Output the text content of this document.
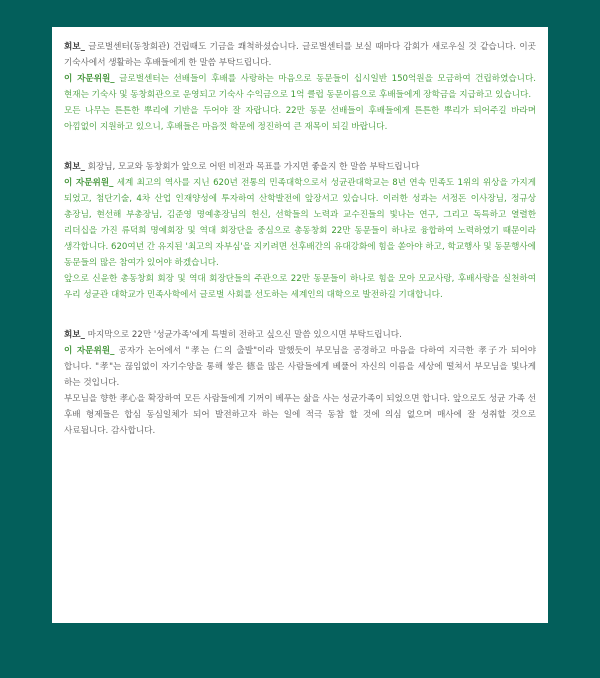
회보_ 글로벌센터(동창회관) 건립때도 기금을 쾌척하셨습니다. 글로벌센터를 보실 때마다 감회가 새로우실 것 같습니다. 이곳 기숙사에서 생활하는 후배들에게 한 말씀 부탁드립니다.

이 자문위원_ 글로벌센터는 선배들이 후배를 사랑하는 마음으로 동문들이 십시일반 150억원을 모금하여 건립하였습니다. 현재는 기숙사 및 동창회관으로 운영되고 기숙사 수익금으로 1억 클럽 동문이름으로 후배들에게 장학금을 지급하고 있습니다.

모든 나무는 튼튼한 뿌리에 기반을 두어야 잘 자랍니다. 22만 동문 선배들이 후배들에게 튼튼한 뿌리가 되어주길 바라며 아낌없이 지원하고 있으니, 후배들은 마음껏 학문에 정진하여 큰 재목이 되길 바랍니다.

회보_ 회장님, 모교와 동창회가 앞으로 어떤 비전과 목표를 가지면 좋을지 한 말씀 부탁드립니다

이 자문위원_ 세계 최고의 역사를 지닌 620년 전통의 민족대학으로서 성균관대학교는 8년 연속 민족도 1위의 위상을 가지게 되었고, 첨단기술, 4차 산업 인재양성에 투자하여 산학발전에 앞장서고 있습니다. 이러한 성과는 서정돈 이사장님, 정규상 총장님, 현선해 부총장님, 김준영 명예총장님의 헌신, 선학들의 노력과 교수진들의 빛나는 연구, 그리고 독특하고 열렬한 리더십을 가진 류덕희 명예회장 및 역대 회장단을 중심으로 총동창회 22만 동문들이 하나로 융합하여 노력하였기 때문이라 생각합니다. 620여년 간 유지된 '최고의 자부심'을 지키려면 선후배간의 유대강화에 힘을 쏟아야 하고, 학교행사 및 동문행사에 동문들의 많은 참여가 있어야 하겠습니다.

앞으로 신윤한 총동창회 회장 및 역대 회장단들의 주관으로 22만 동문들이 하나로 힘을 모아 모교사랑, 후배사랑을 실천하여 우리 성균관 대학교가 민족사학에서 글로벌 사회를 선도하는 세계인의 대학으로 발전하길 기대합니다.

회보_ 마지막으로 22만 '성균가족'에게 특별히 전하고 싶으신 말씀 있으시면 부탁드립니다.

이 자문위원_ 공자가 논어에서 "孝는 仁의 출발"이라 말했듯이 부모님을 공경하고 마음을 다하여 지극한 孝子가 되어야 합니다. "孝"는 끊임없이 자기수양을 통해 쌓은 德을 많은 사람들에게 베풀어 자신의 이름을 세상에 떨쳐서 부모님을 빛나게 하는 것입니다.

부모님을 향한 孝心을 확장하여 모든 사람들에게 기꺼이 베푸는 삶을 사는 성균가족이 되었으면 합니다. 앞으로도 성균 가족 선 후배 형제들은 합심 동심일체가 되어 발전하고자 하는 일에 적극 동참 할 것에 의심 없으며 매사에 잘 성취할 것으로 사료됩니다. 감사합니다.
